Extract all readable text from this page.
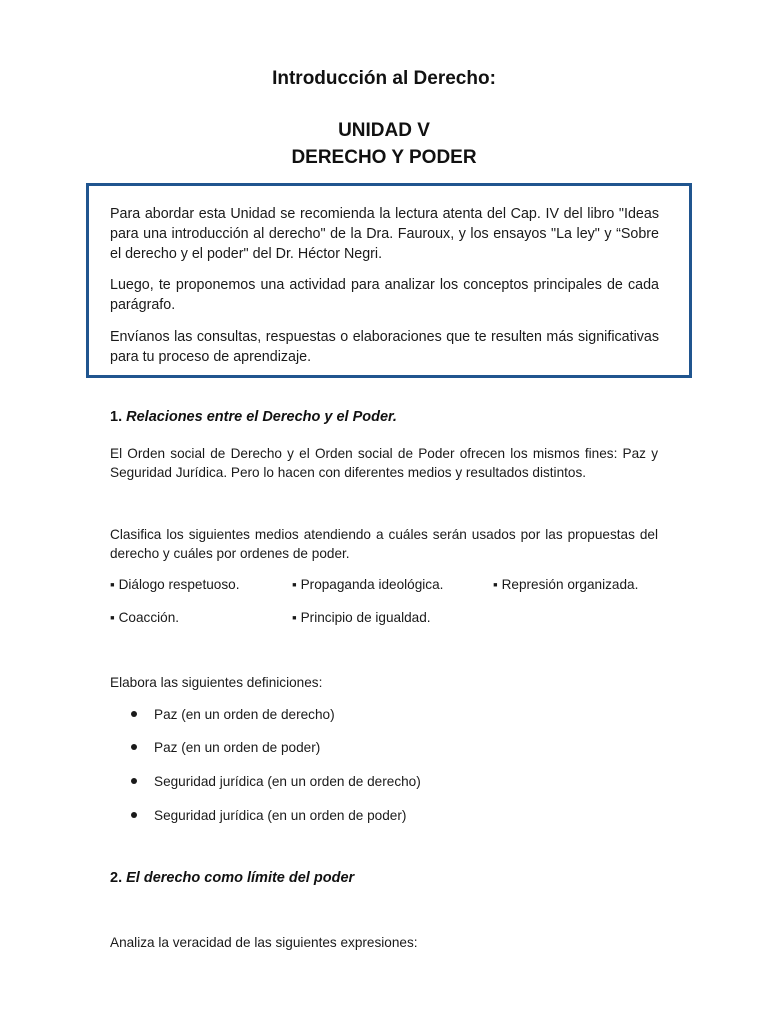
Introducción al Derecho:
UNIDAD V
DERECHO Y PODER

Para abordar esta Unidad se recomienda la lectura atenta del Cap. IV del libro "Ideas para una introducción al derecho" de la Dra. Fauroux, y los ensayos "La ley" y “Sobre el derecho y el poder" del Dr. Héctor Negri.

Luego, te proponemos una actividad para analizar los conceptos principales de cada parágrafo.

Envíanos las consultas, respuestas o elaboraciones que te resulten más significativas para tu proceso de aprendizaje.

1. Relaciones entre el Derecho y el Poder.

El Orden social de Derecho y el Orden social de Poder ofrecen los mismos fines: Paz y Seguridad Jurídica. Pero lo hacen con diferentes medios y resultados distintos.

Clasifica los siguientes medios atendiendo a cuáles serán usados por las propuestas del derecho y cuáles por ordenes de poder.

▪ Diálogo respetuoso.	▪ Propaganda ideológica.	▪ Represión organizada.
▪ Coacción.	▪ Principio de igualdad.

Elabora las siguientes definiciones:

Paz (en un orden de derecho)
Paz (en un orden de poder)
Seguridad jurídica (en un orden de derecho)
Seguridad jurídica (en un orden de poder)
2. El derecho como límite del poder

Analiza la veracidad de las siguientes expresiones:
